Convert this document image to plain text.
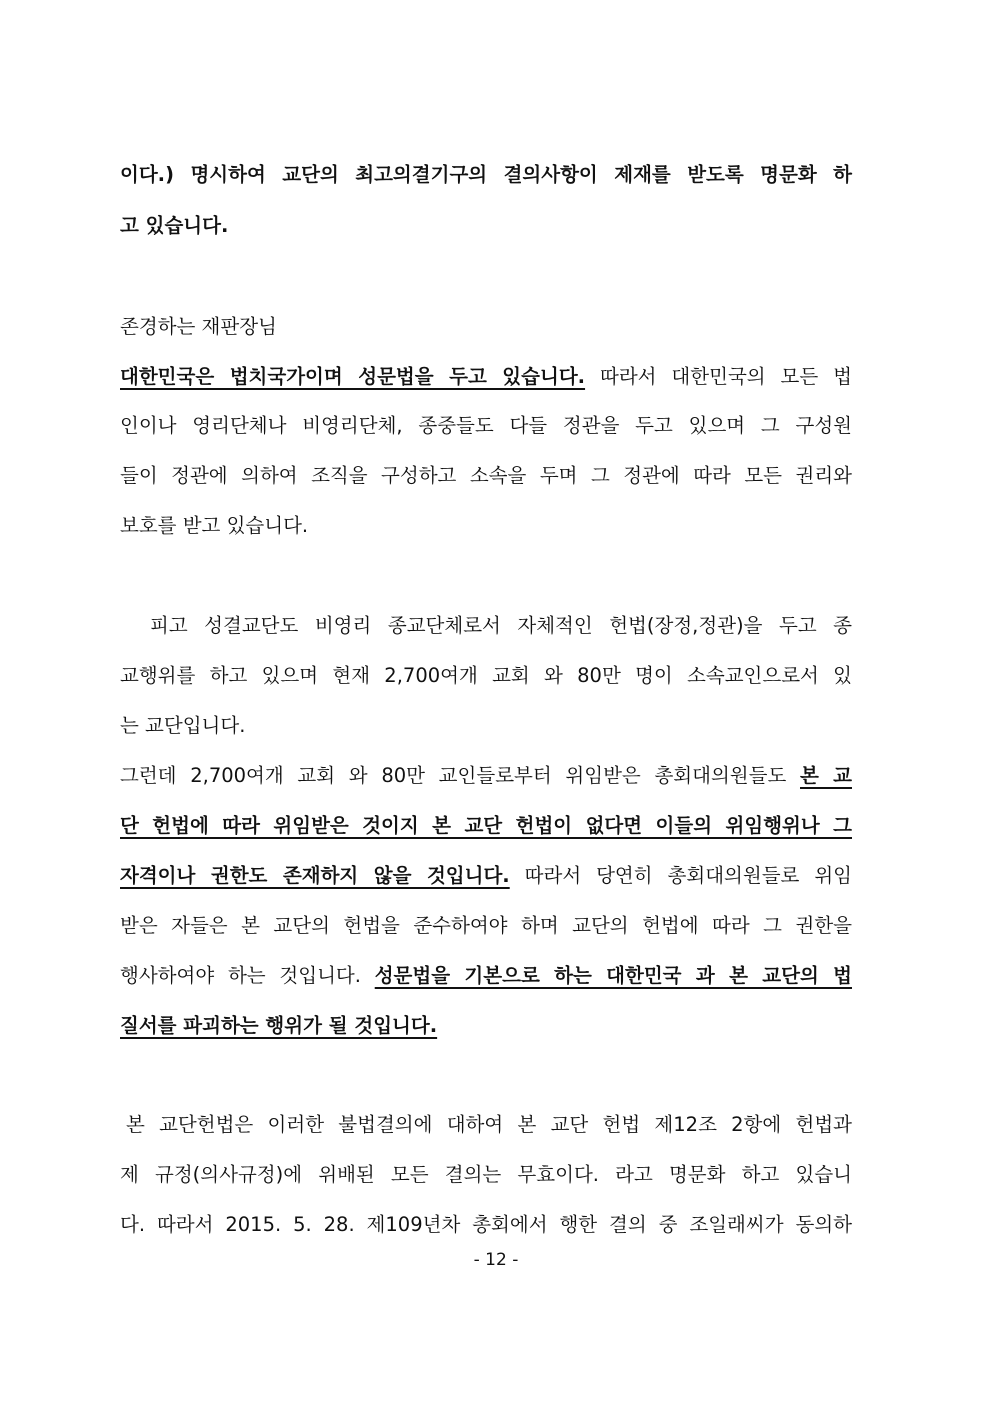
이다.) 명시하여 교단의 최고의결기구의 결의사항이 제재를 받도록 명문화 하
고 있습니다.
존경하는 재판장님
대한민국은 법치국가이며 성문법을 두고 있습니다. 따라서 대한민국의 모든 법
인이나 영리단체나 비영리단체, 종중들도 다들 정관을 두고 있으며 그 구성원
들이 정관에 의하여 조직을 구성하고 소속을 두며 그 정관에 따라 모든 권리와
보호를 받고 있습니다.
피고 성결교단도 비영리 종교단체로서 자체적인 헌법(장정,정관)을 두고 종
교행위를 하고 있으며 현재 2,700여개 교회 와 80만 명이 소속교인으로서 있
는 교단입니다.
그런데 2,700여개 교회 와 80만 교인들로부터 위임받은 총회대의원들도 본 교
단 헌법에 따라 위임받은 것이지 본 교단 헌법이 없다면 이들의 위임행위나 그
자격이나 권한도 존재하지 않을 것입니다. 따라서 당연히 총회대의원들로 위임
받은 자들은 본 교단의 헌법을 준수하여야 하며 교단의 헌법에 따라 그 권한을
행사하여야 하는 것입니다. 성문법을 기본으로 하는 대한민국 과 본 교단의 법
질서를 파괴하는 행위가 될 것입니다.
본 교단헌법은 이러한 불법결의에 대하여 본 교단 헌법 제12조 2항에 헌법과
제 규정(의사규정)에 위배된 모든 결의는 무효이다. 라고 명문화 하고 있습니
다. 따라서 2015. 5. 28. 제109년차 총회에서 행한 결의 중 조일래씨가 동의하
- 12 -
